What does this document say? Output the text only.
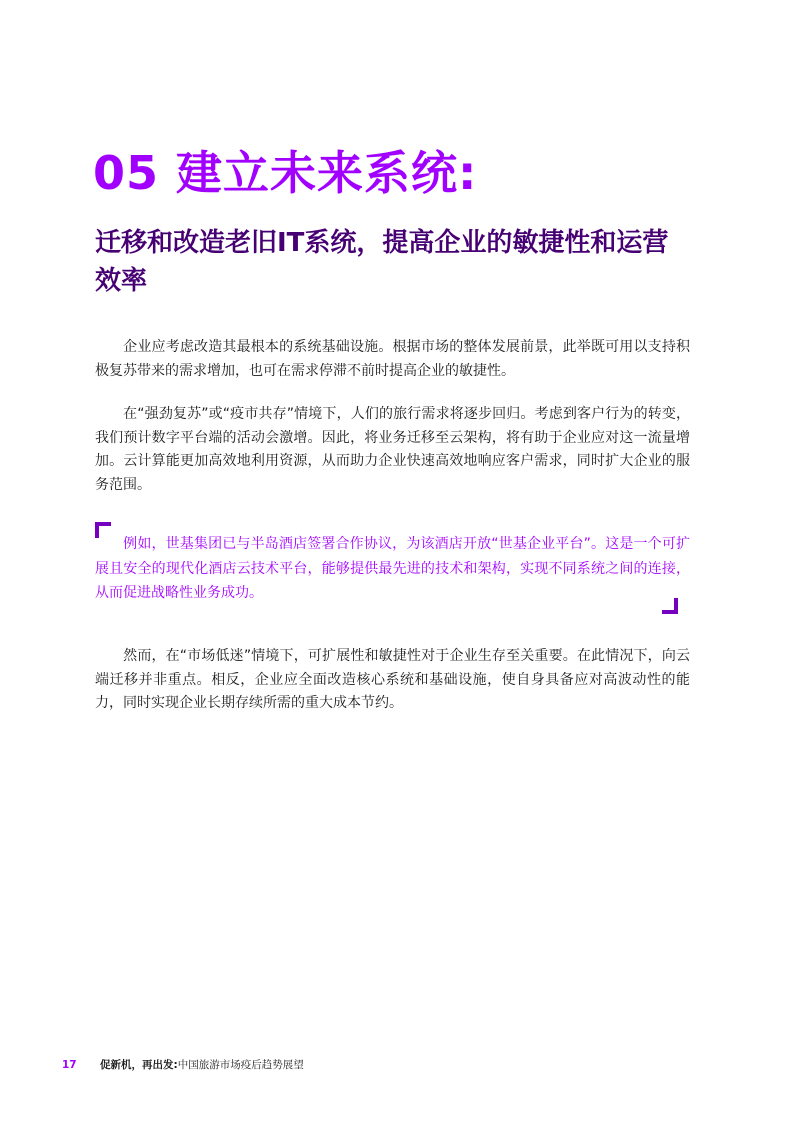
05 建立未来系统:
迁移和改造老旧IT系统，提高企业的敏捷性和运营效率

企业应考虑改造其最根本的系统基础设施。根据市场的整体发展前景，此举既可用以支持积极复苏带来的需求增加，也可在需求停滞不前时提高企业的敏捷性。

在“强劲复苏”或“疫市共存”情境下，人们的旅行需求将逐步回归。考虑到客户行为的转变，我们预计数字平台端的活动会激增。因此，将业务迁移至云架构，将有助于企业应对这一流量增加。云计算能更加高效地利用资源，从而助力企业快速高效地响应客户需求，同时扩大企业的服务范围。

例如，世基集团已与半岛酒店签署合作协议，为该酒店开放“世基企业平台”。这是一个可扩展且安全的现代化酒店云技术平台，能够提供最先进的技术和架构，实现不同系统之间的连接，从而促进战略性业务成功。

然而，在“市场低迷”情境下，可扩展性和敏捷性对于企业生存至关重要。在此情况下，向云端迁移并非重点。相反，企业应全面改造核心系统和基础设施，使自身具备应对高波动性的能力，同时实现企业长期存续所需的重大成本节约。

17 促新机，再出发:中国旅游市场疫后趋势展望
